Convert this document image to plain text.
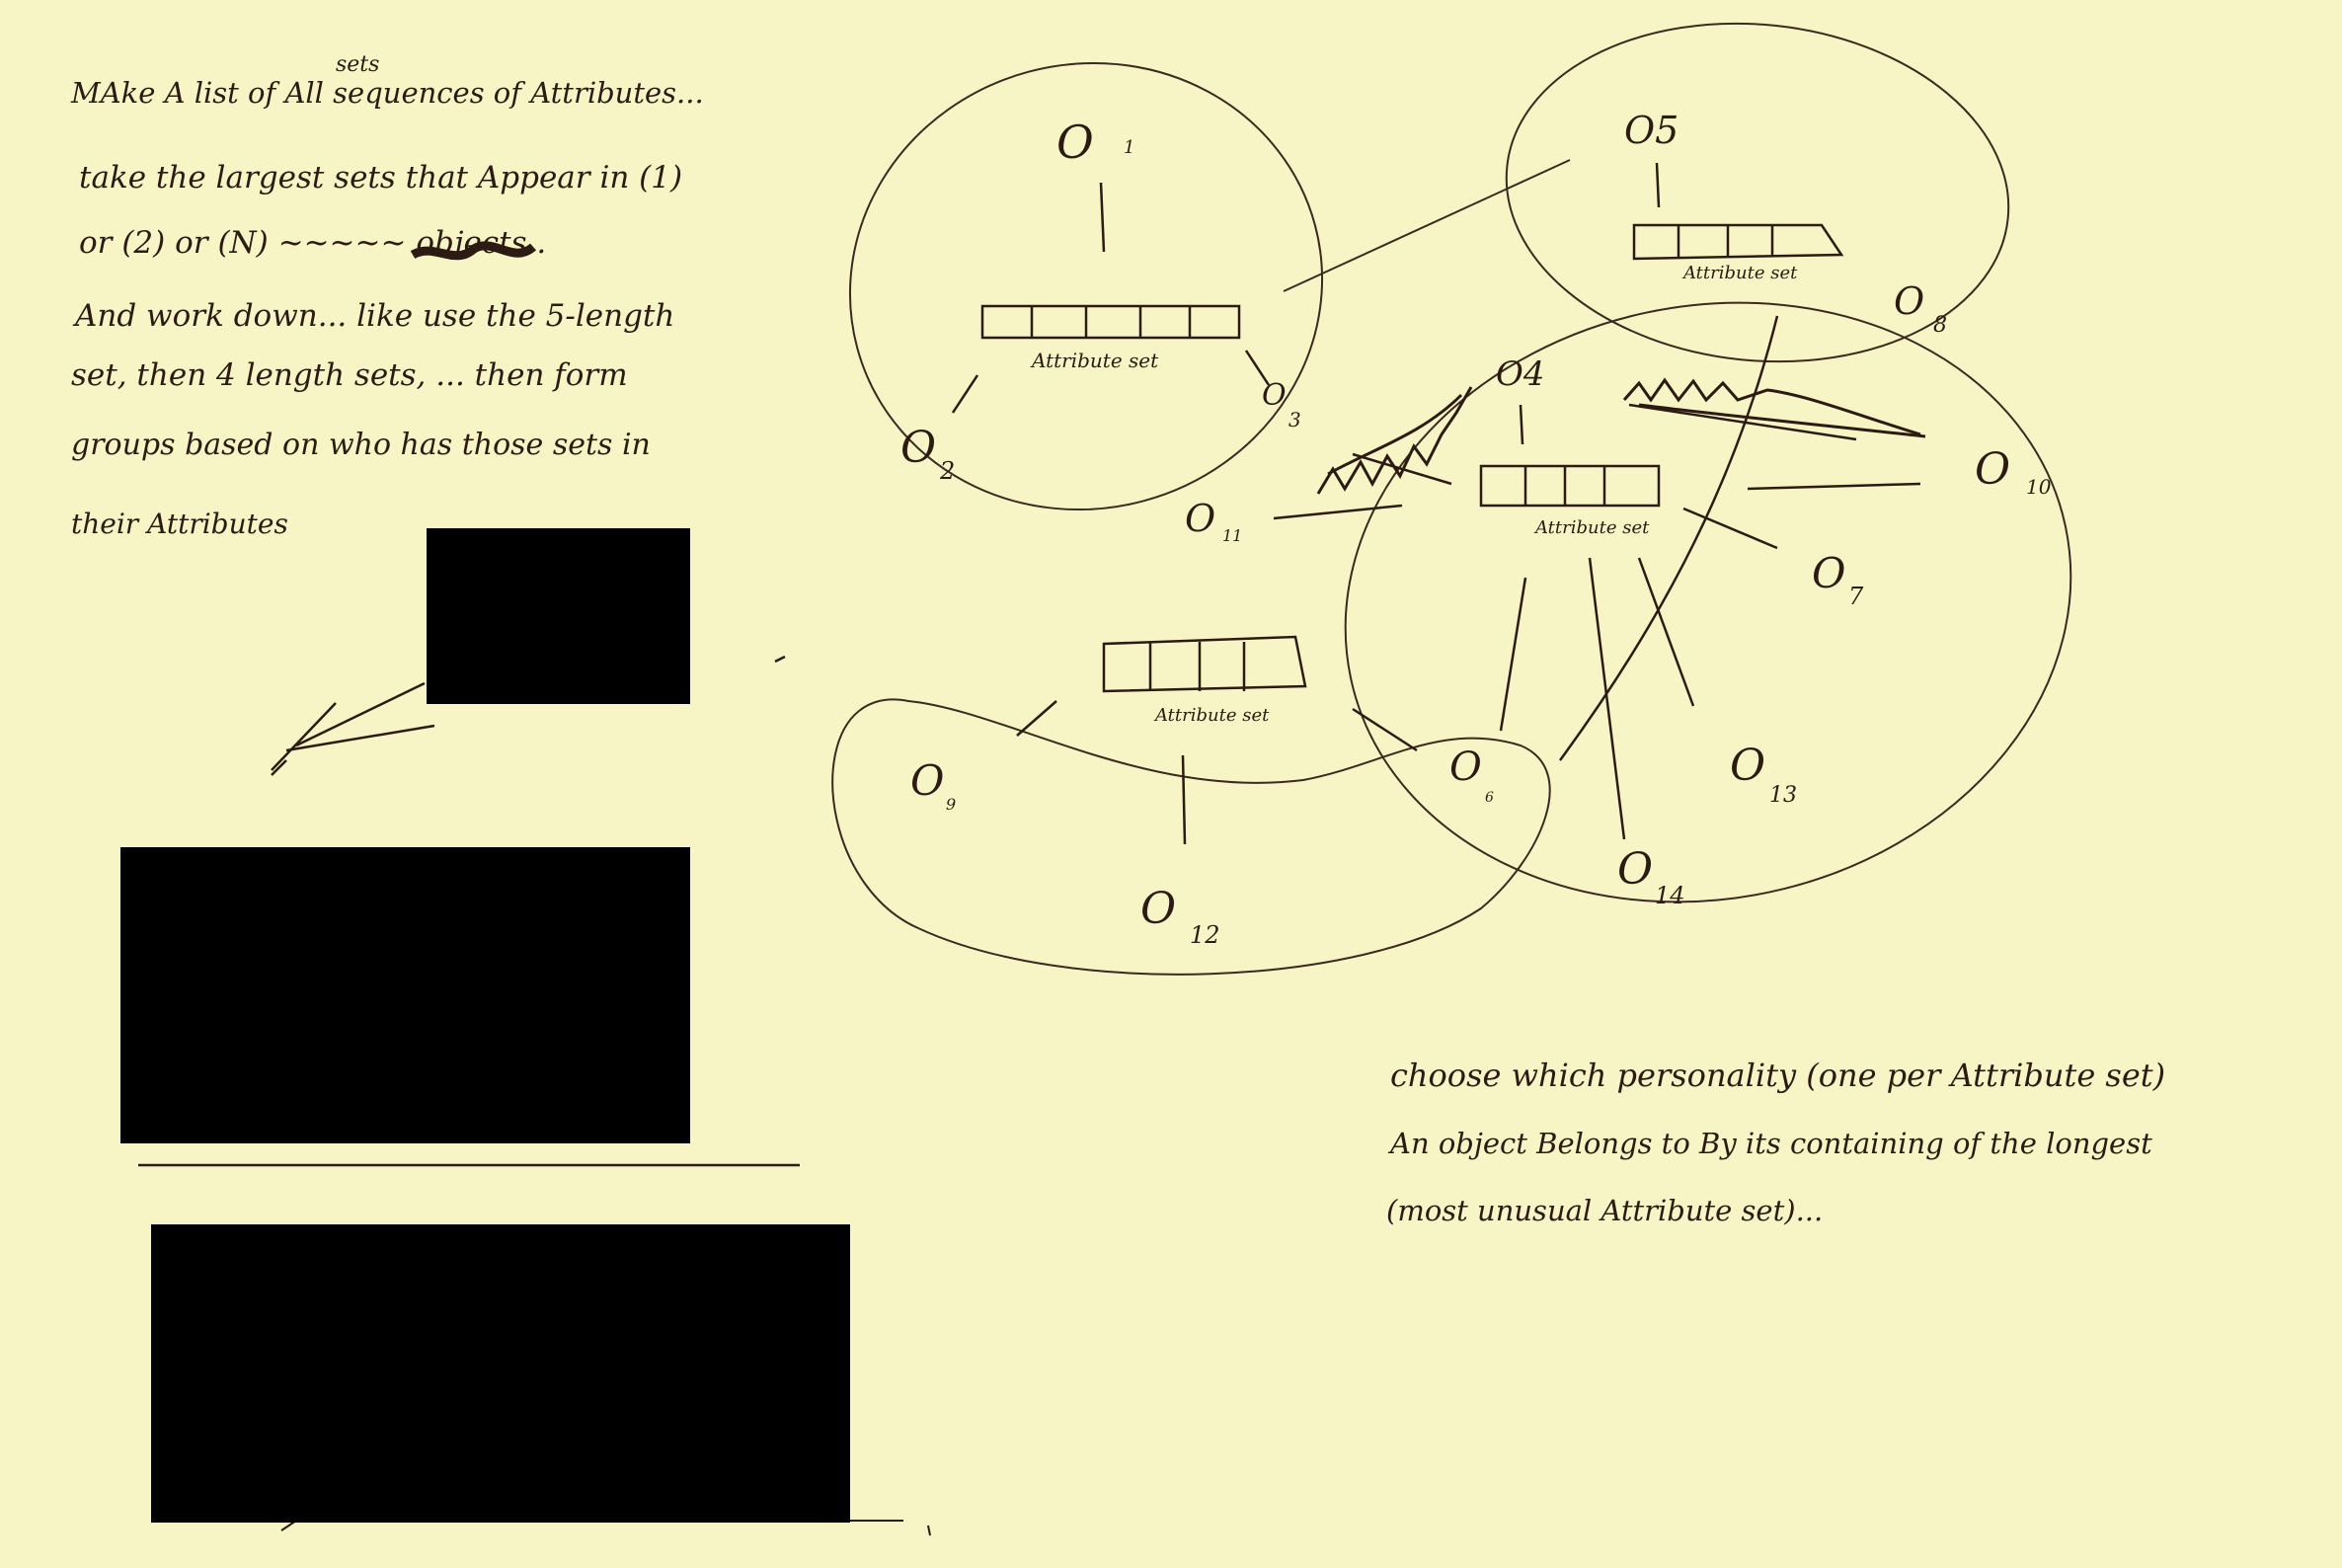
sets
MAke A list of All sequences of Attributes...
take the largest sets that Appear in (1)
or (2) or (N) ~~~~~ objects..
And work down... like use the 5-length
set, then 4 length sets, ... then form
groups based on who has those sets in
their Attributes
Attribute set
Attribute set
Attribute set
Attribute set
O 1
O 2
O
3
O5
O
8
O4
O 10
O 11
O 7
O
6
O
13
O
14
O 9
O
12
choose which personality (one per Attribute set)
An object Belongs to By its containing of the longest
(most unusual Attribute set)...
